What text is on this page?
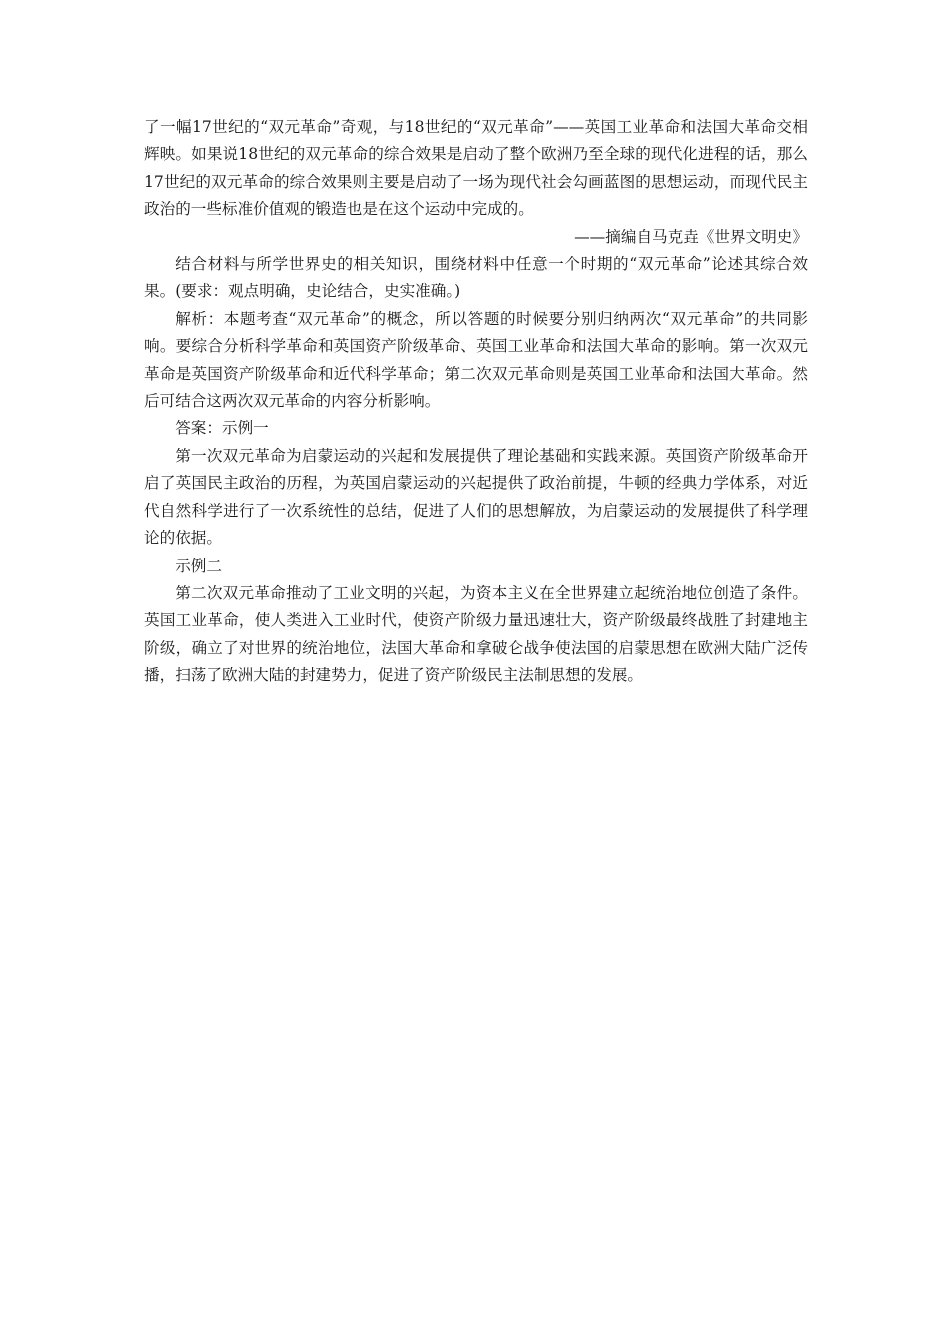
了一幅17世纪的“双元革命”奇观，与18世纪的“双元革命”——英国工业革命和法国大革命交相辉映。如果说18世纪的双元革命的综合效果是启动了整个欧洲乃至全球的现代化进程的话，那么17世纪的双元革命的综合效果则主要是启动了一场为现代社会勾画蓝图的思想运动，而现代民主政治的一些标准价值观的锻造也是在这个运动中完成的。

——摘编自马克垚《世界文明史》

结合材料与所学世界史的相关知识，围绕材料中任意一个时期的“双元革命”论述其综合效果。(要求：观点明确，史论结合，史实准确。)

解析：本题考查“双元革命”的概念，所以答题的时候要分别归纳两次“双元革命”的共同影响。要综合分析科学革命和英国资产阶级革命、英国工业革命和法国大革命的影响。第一次双元革命是英国资产阶级革命和近代科学革命；第二次双元革命则是英国工业革命和法国大革命。然后可结合这两次双元革命的内容分析影响。

答案：示例一

第一次双元革命为启蒙运动的兴起和发展提供了理论基础和实践来源。英国资产阶级革命开启了英国民主政治的历程，为英国启蒙运动的兴起提供了政治前提，牛顿的经典力学体系，对近代自然科学进行了一次系统性的总结，促进了人们的思想解放，为启蒙运动的发展提供了科学理论的依据。

示例二

第二次双元革命推动了工业文明的兴起，为资本主义在全世界建立起统治地位创造了条件。英国工业革命，使人类进入工业时代，使资产阶级力量迅速壮大，资产阶级最终战胜了封建地主阶级，确立了对世界的统治地位，法国大革命和拿破仑战争使法国的启蒙思想在欧洲大陆广泛传播，扫荡了欧洲大陆的封建势力，促进了资产阶级民主法制思想的发展。
